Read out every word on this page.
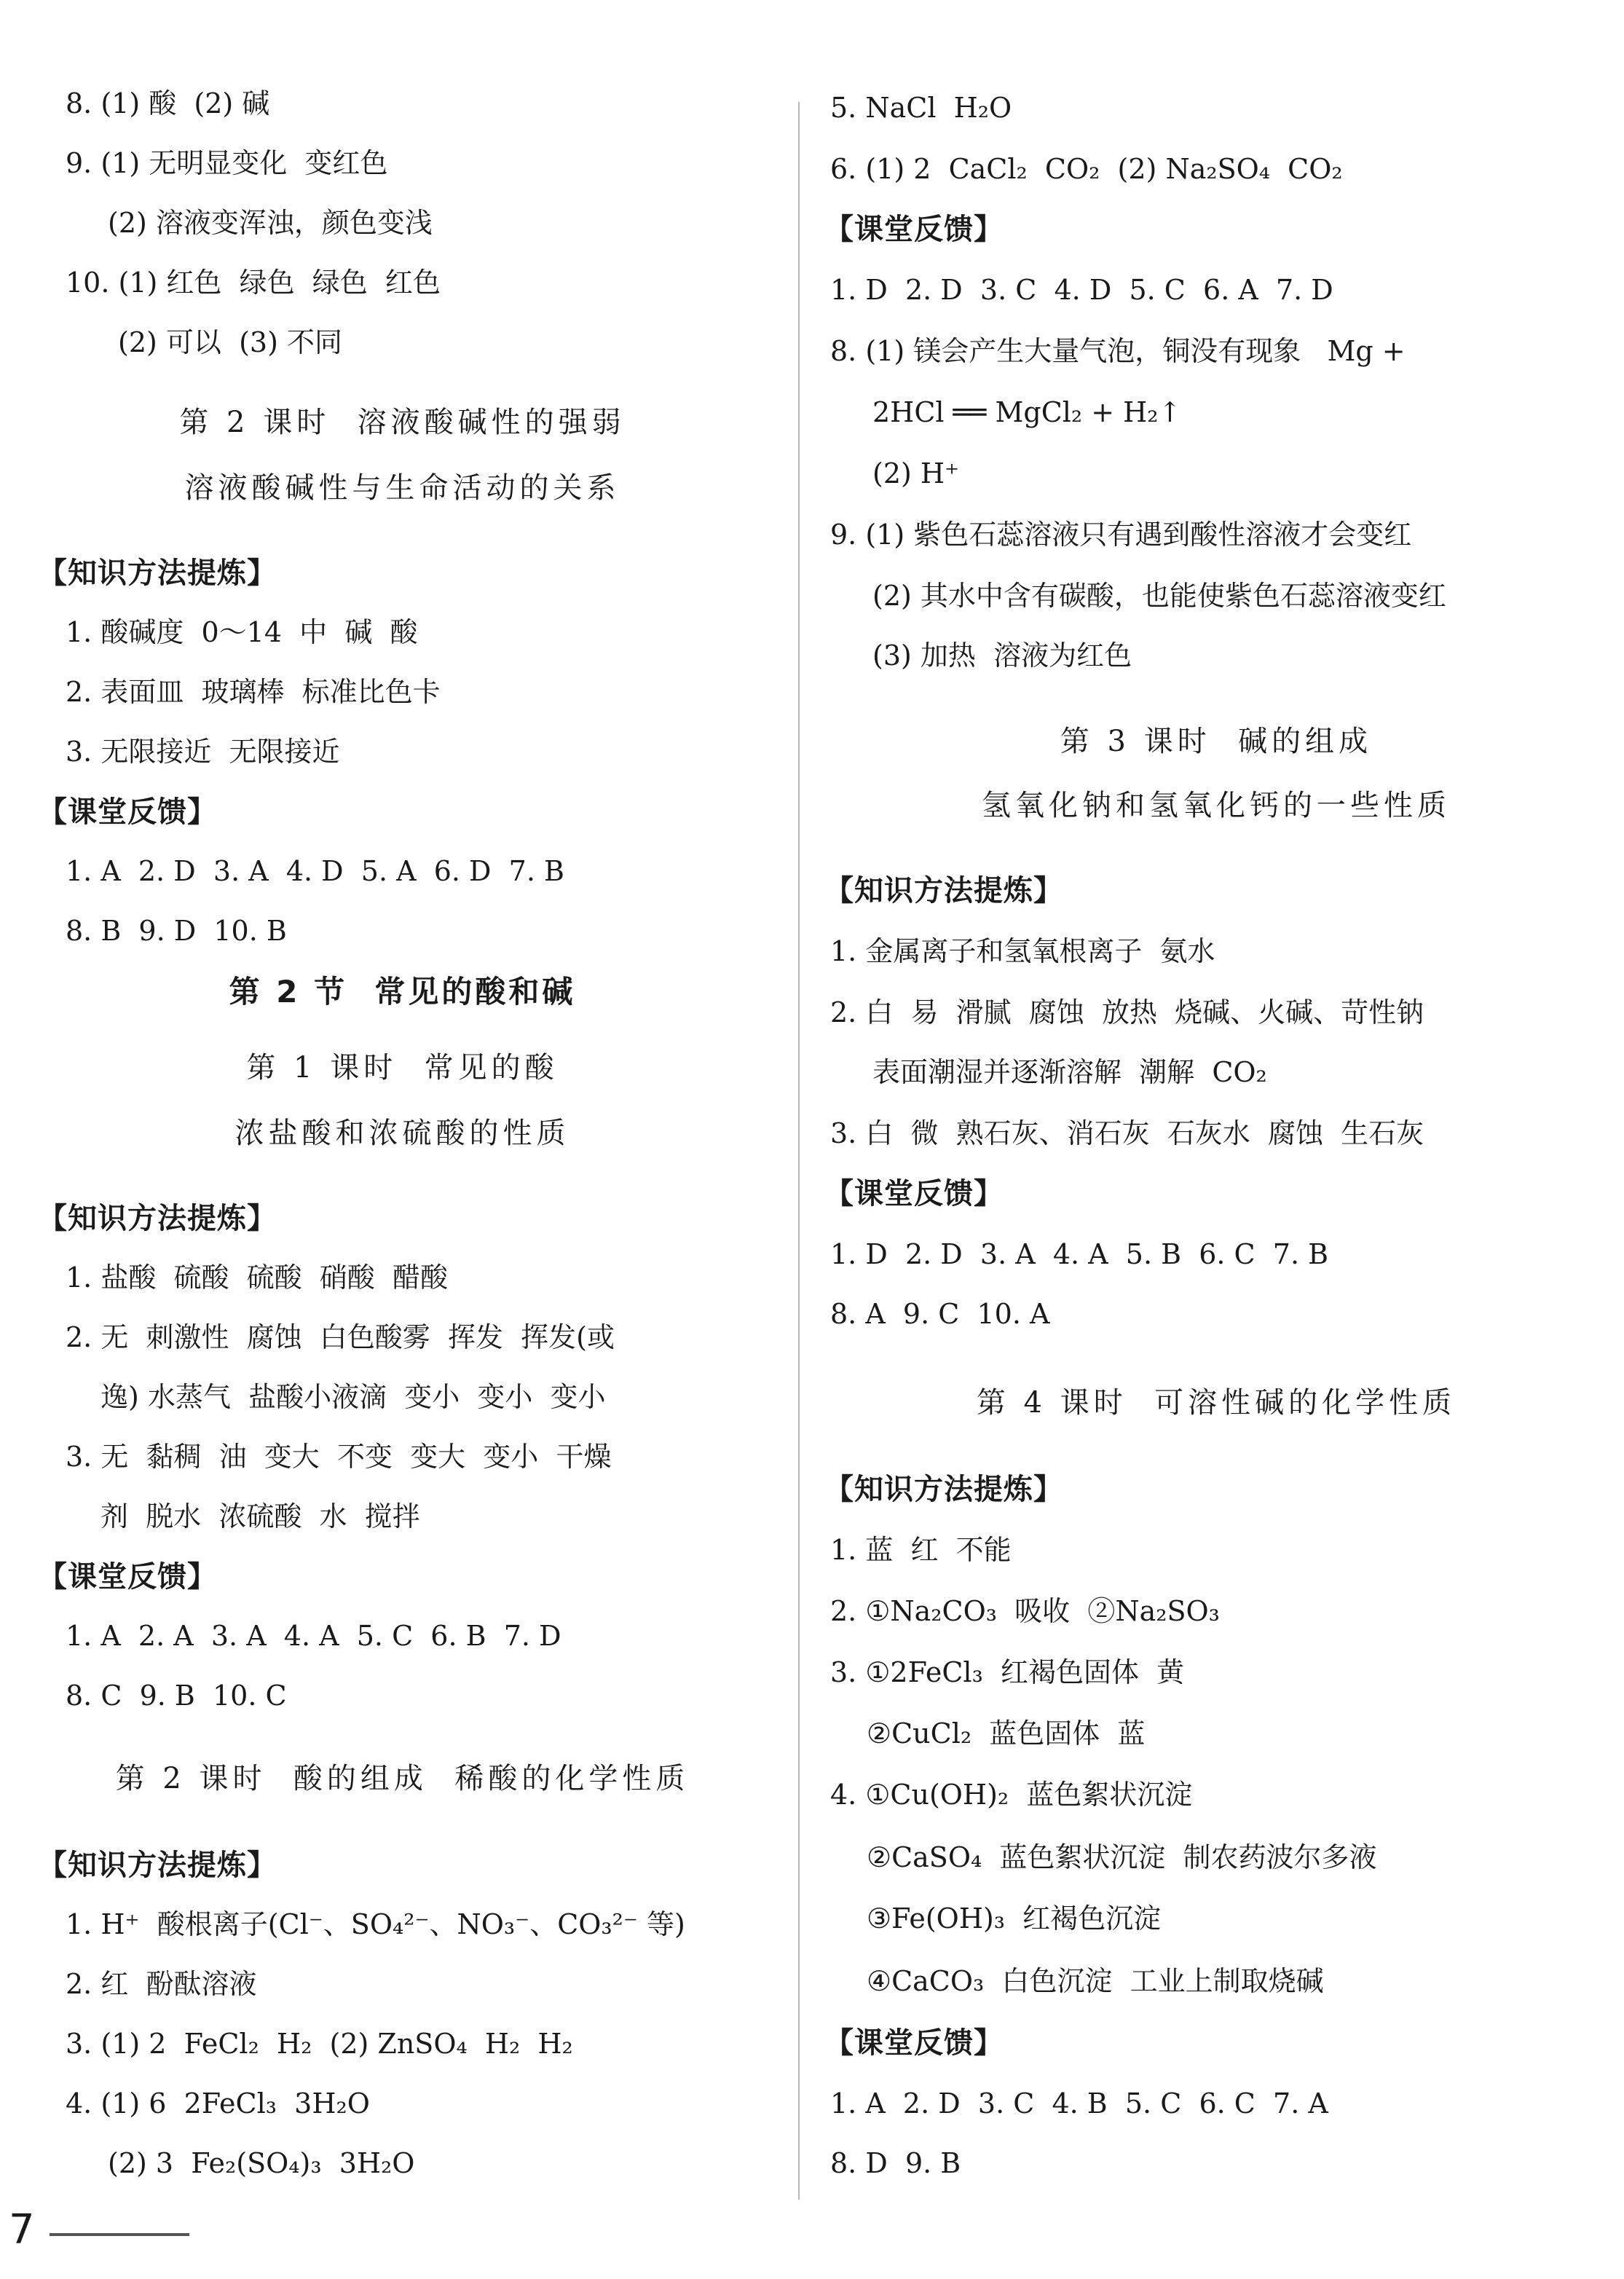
8. (1) 酸  (2) 碱
9. (1) 无明显变化  变红色
(2) 溶液变浑浊，颜色变浅
10. (1) 红色  绿色  绿色  红色
(2) 可以  (3) 不同
第 2 课时  溶液酸碱性的强弱
溶液酸碱性与生命活动的关系
【知识方法提炼】
1. 酸碱度  0～14  中  碱  酸
2. 表面皿  玻璃棒  标准比色卡
3. 无限接近  无限接近
【课堂反馈】
1. A  2. D  3. A  4. D  5. A  6. D  7. B
8. B  9. D  10. B
第 2 节  常见的酸和碱
第 1 课时  常见的酸
浓盐酸和浓硫酸的性质
【知识方法提炼】
1. 盐酸  硫酸  硫酸  硝酸  醋酸
2. 无  刺激性  腐蚀  白色酸雾  挥发  挥发(或
逸) 水蒸气  盐酸小液滴  变小  变小  变小
3. 无  黏稠  油  变大  不变  变大  变小  干燥
剂  脱水  浓硫酸  水  搅拌
【课堂反馈】
1. A  2. A  3. A  4. A  5. C  6. B  7. D
8. C  9. B  10. C
第 2 课时  酸的组成  稀酸的化学性质
【知识方法提炼】
1. H⁺  酸根离子(Cl⁻、SO₄²⁻、NO₃⁻、CO₃²⁻ 等)
2. 红  酚酞溶液
3. (1) 2  FeCl₂  H₂  (2) ZnSO₄  H₂  H₂
4. (1) 6  2FeCl₃  3H₂O
(2) 3  Fe₂(SO₄)₃  3H₂O
5. NaCl  H₂O
6. (1) 2  CaCl₂  CO₂  (2) Na₂SO₄  CO₂
【课堂反馈】
1. D  2. D  3. C  4. D  5. C  6. A  7. D
8. (1) 镁会产生大量气泡，铜没有现象   Mg +
2HCl ══ MgCl₂ + H₂↑
(2) H⁺
9. (1) 紫色石蕊溶液只有遇到酸性溶液才会变红
(2) 其水中含有碳酸，也能使紫色石蕊溶液变红
(3) 加热  溶液为红色
第 3 课时  碱的组成
氢氧化钠和氢氧化钙的一些性质
【知识方法提炼】
1. 金属离子和氢氧根离子  氨水
2. 白  易  滑腻  腐蚀  放热  烧碱、火碱、苛性钠
表面潮湿并逐渐溶解  潮解  CO₂
3. 白  微  熟石灰、消石灰  石灰水  腐蚀  生石灰
【课堂反馈】
1. D  2. D  3. A  4. A  5. B  6. C  7. B
8. A  9. C  10. A
第 4 课时  可溶性碱的化学性质
【知识方法提炼】
1. 蓝  红  不能
2. ①Na₂CO₃  吸收  ②Na₂SO₃
3. ①2FeCl₃  红褐色固体  黄
②CuCl₂  蓝色固体  蓝
4. ①Cu(OH)₂  蓝色絮状沉淀
②CaSO₄  蓝色絮状沉淀  制农药波尔多液
③Fe(OH)₃  红褐色沉淀
④CaCO₃  白色沉淀  工业上制取烧碱
【课堂反馈】
1. A  2. D  3. C  4. B  5. C  6. C  7. A
8. D  9. B
7
